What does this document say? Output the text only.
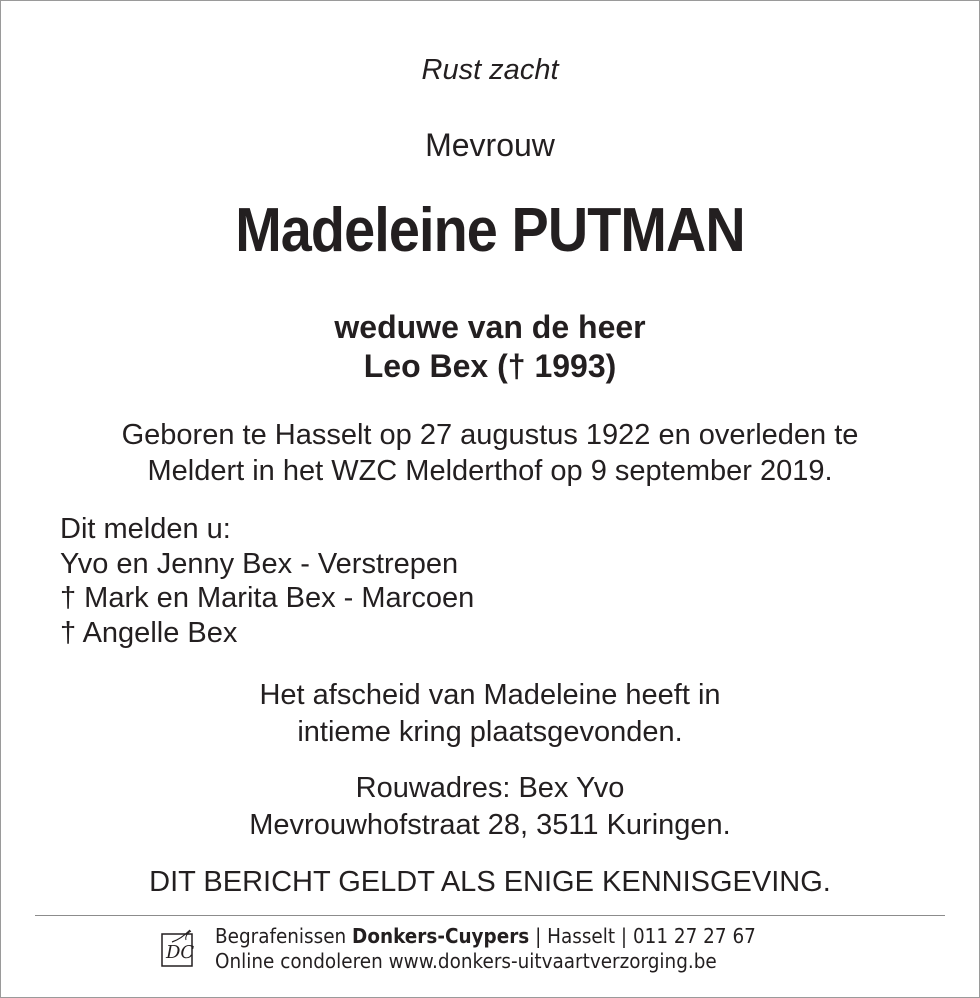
Rust zacht
Mevrouw
Madeleine PUTMAN
weduwe van de heer
Leo Bex († 1993)
Geboren te Hasselt op 27 augustus 1922 en overleden te
Meldert in het WZC Melderthof op 9 september 2019.
Dit melden u:
Yvo en Jenny Bex - Verstrepen
† Mark en Marita Bex - Marcoen
† Angelle Bex
Het afscheid van Madeleine heeft in
intieme kring plaatsgevonden.
Rouwadres: Bex Yvo
Mevrouwhofstraat 28, 3511 Kuringen.
DIT BERICHT GELDT ALS ENIGE KENNISGEVING.
DC
Begrafenissen Donkers-Cuypers | Hasselt | 011 27 27 67
Online condoleren www.donkers-uitvaartverzorging.be
